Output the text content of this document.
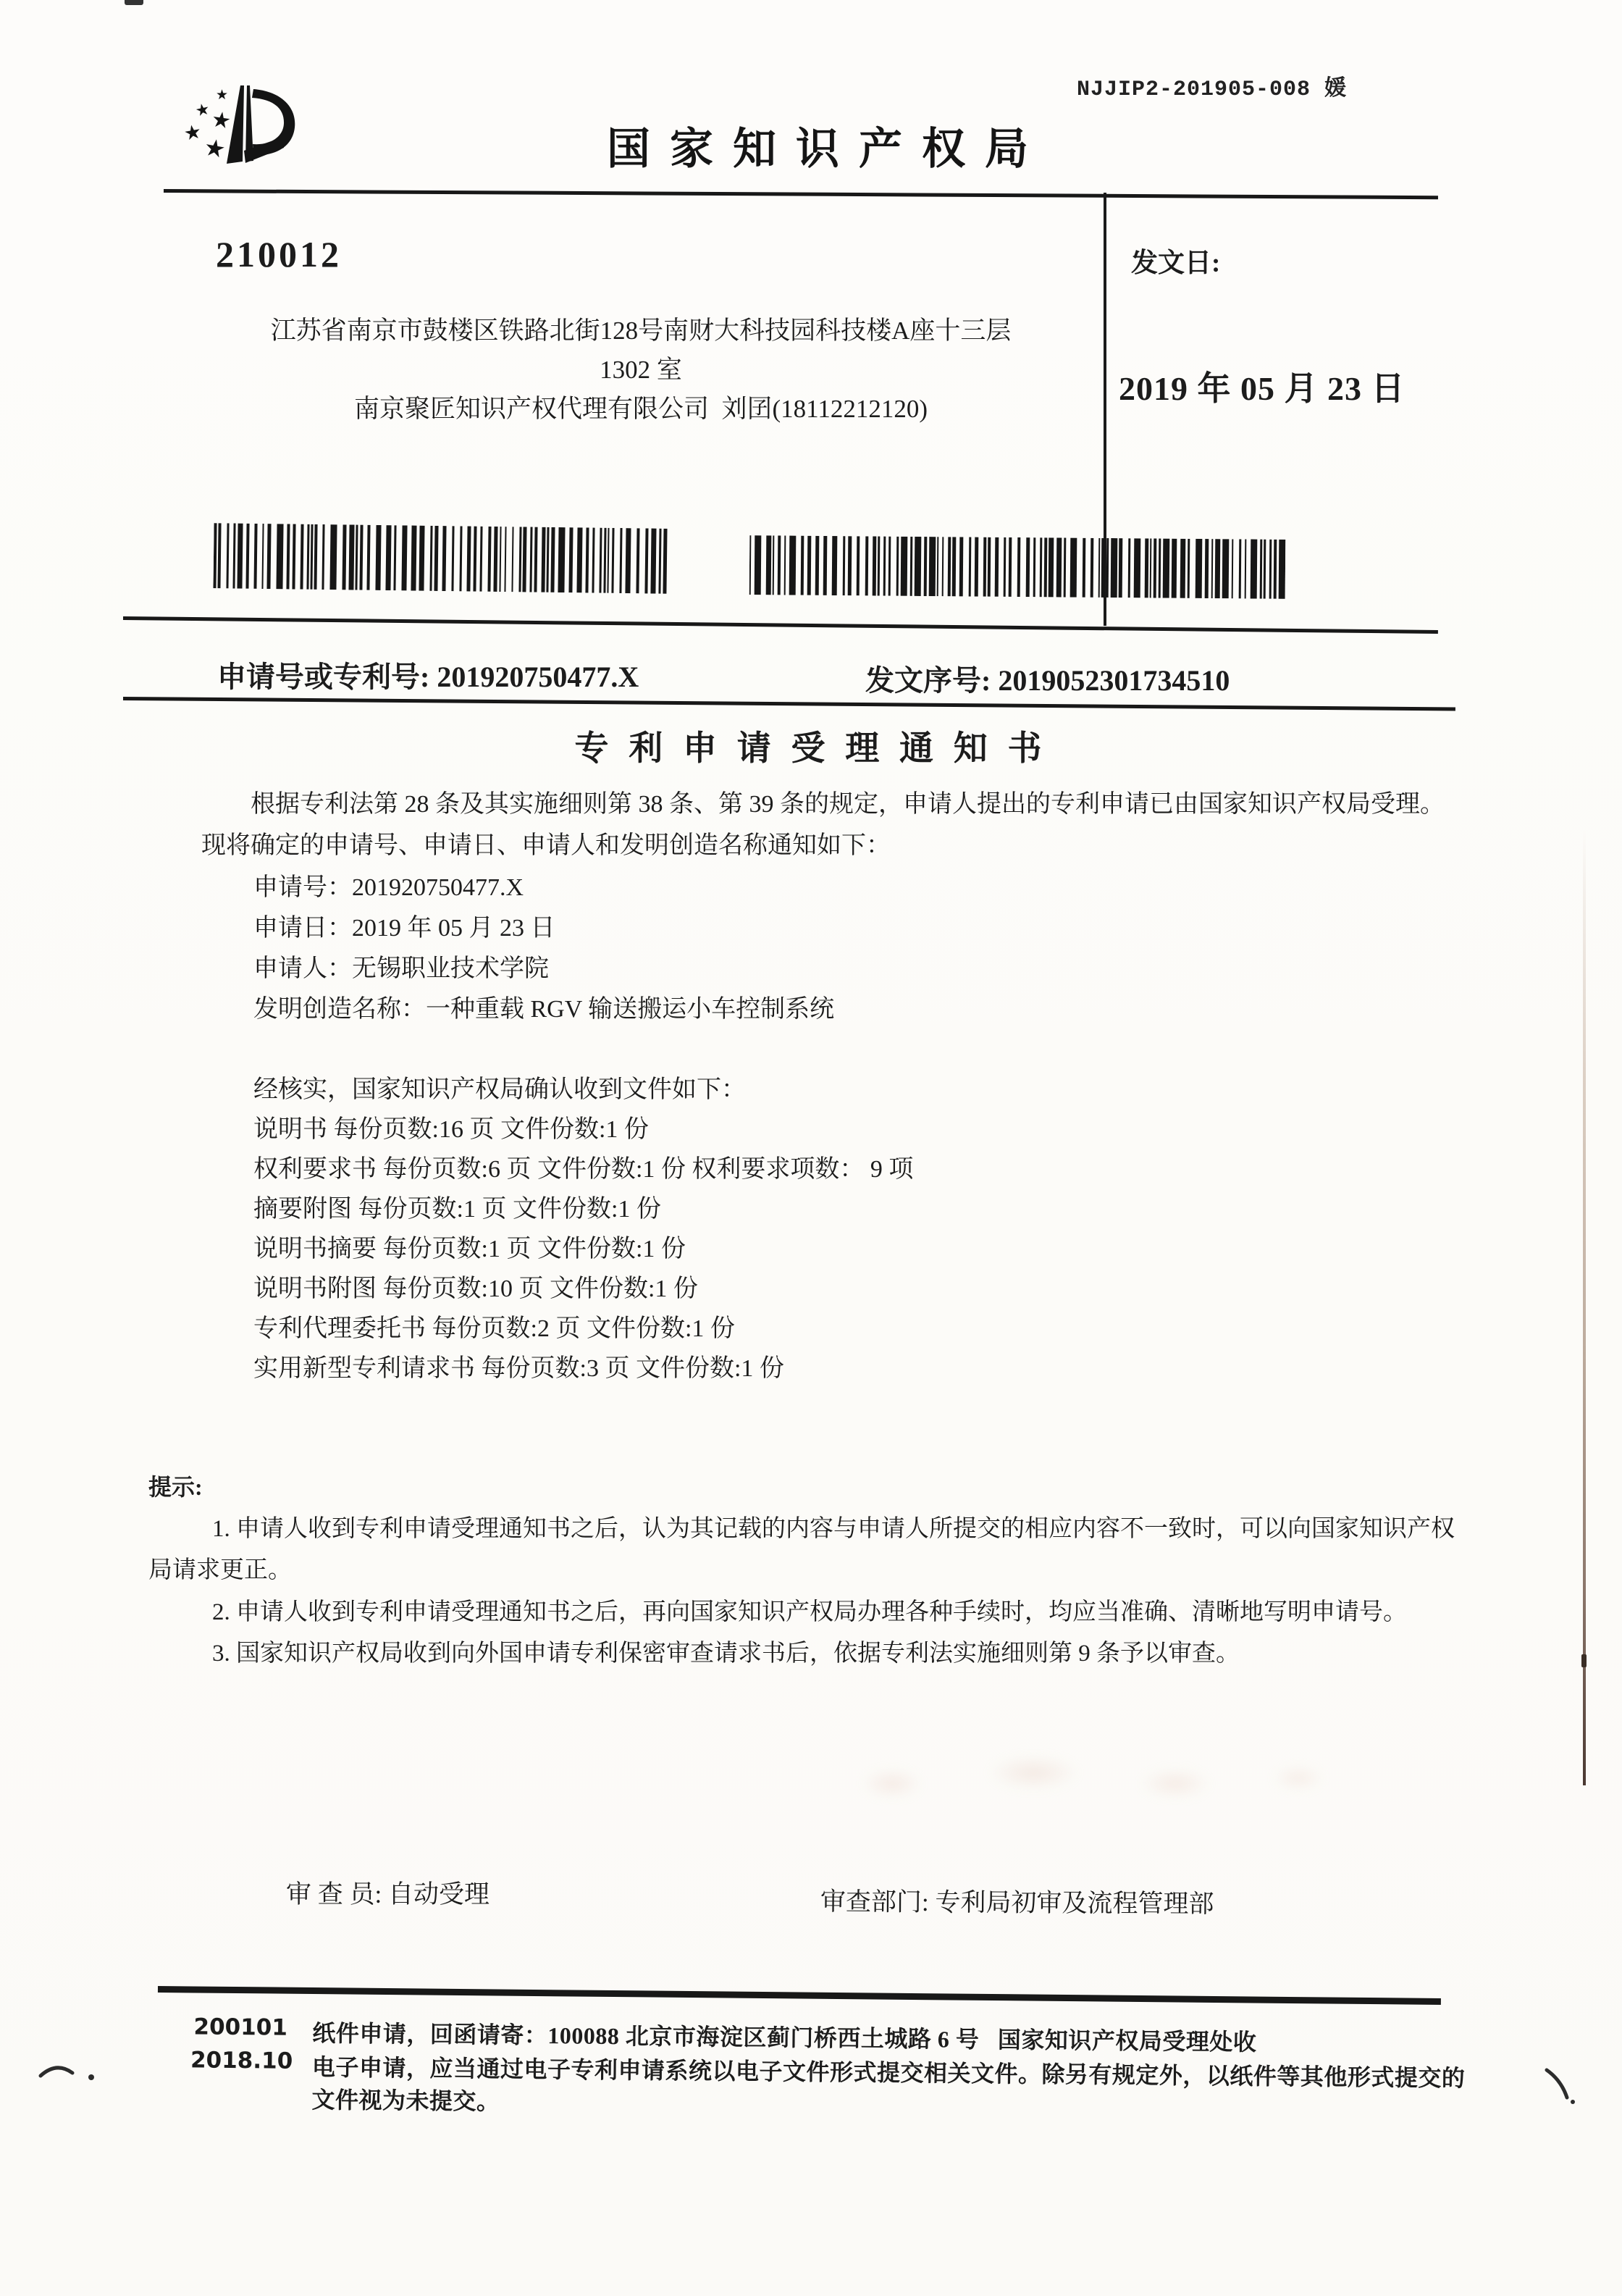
NJJIP2-201905-008 媛
★
★
★
★
★	国 家 知 识 产 权 局
210012
江苏省南京市鼓楼区铁路北街128号南财大科技园科技楼A座十三层
1302 室
南京聚匠知识产权代理有限公司  刘囝(18112212120)
发文日:
2019 年 05 月 23 日
申请号或专利号: 201920750477.X	发文序号: 2019052301734510
专 利 申 请 受 理 通 知 书
根据专利法第 28 条及其实施细则第 38 条、第 39 条的规定，申请人提出的专利申请已由国家知识产权局受理。现将确定的申请号、申请日、申请人和发明创造名称通知如下：
申请号：201920750477.X
申请日：2019 年 05 月 23 日
申请人：无锡职业技术学院
发明创造名称：一种重载 RGV 输送搬运小车控制系统
经核实，国家知识产权局确认收到文件如下：
说明书 每份页数:16 页 文件份数:1 份
权利要求书 每份页数:6 页 文件份数:1 份 权利要求项数： 9 项
摘要附图 每份页数:1 页 文件份数:1 份
说明书摘要 每份页数:1 页 文件份数:1 份
说明书附图 每份页数:10 页 文件份数:1 份
专利代理委托书 每份页数:2 页 文件份数:1 份
实用新型专利请求书 每份页数:3 页 文件份数:1 份
提示:
1. 申请人收到专利申请受理通知书之后，认为其记载的内容与申请人所提交的相应内容不一致时，可以向国家知识产权局请求更正。
2. 申请人收到专利申请受理通知书之后，再向国家知识产权局办理各种手续时，均应当准确、清晰地写明申请号。
3. 国家知识产权局收到向外国申请专利保密审查请求书后，依据专利法实施细则第 9 条予以审查。
审 查 员: 自动受理	审查部门: 专利局初审及流程管理部
200101
2018.10
纸件申请，回函请寄：100088 北京市海淀区蓟门桥西土城路 6 号   国家知识产权局受理处收
电子申请，应当通过电子专利申请系统以电子文件形式提交相关文件。除另有规定外，以纸件等其他形式提交的
文件视为未提交。
